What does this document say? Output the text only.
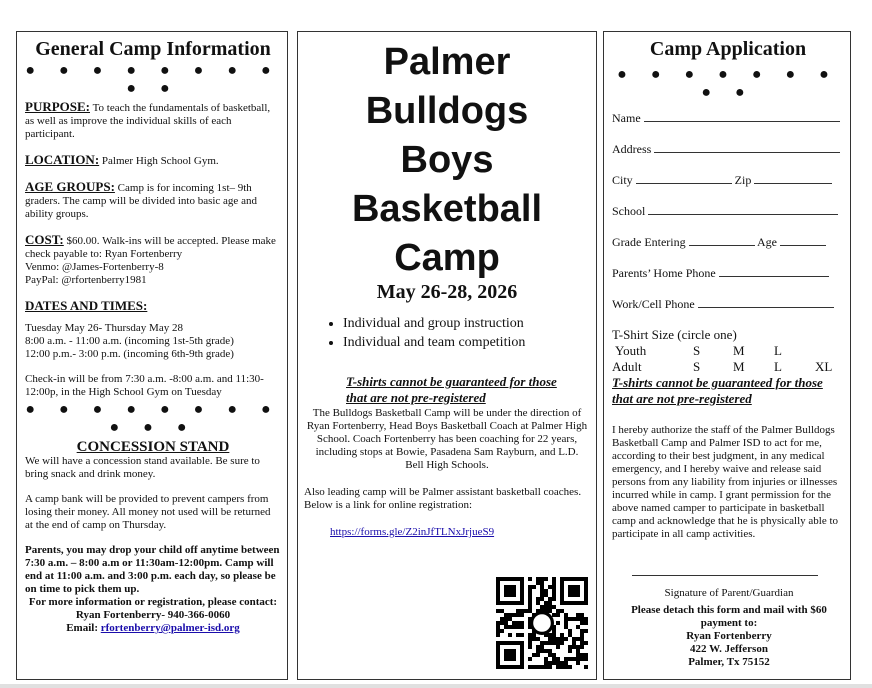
General Camp Information
● ● ● ● ● ● ● ● ● ●
PURPOSE: To teach the fundamentals of basketball, as well as improve the individual skills of each participant.
LOCATION: Palmer High School Gym.
AGE GROUPS: Camp is for incoming 1st– 9th graders. The camp will be divided into basic age and ability groups.
COST: $60.00. Walk-ins will be accepted. Please make check payable to: Ryan Fortenberry
Venmo: @James-Fortenberry-8
PayPal: @rfortenberry1981
DATES AND TIMES:
Tuesday May 26- Thursday May 28
8:00 a.m. - 11:00 a.m. (incoming 1st-5th grade)
12:00 p.m.- 3:00 p.m. (incoming 6th-9th grade)
Check-in will be from 7:30 a.m. -8:00 a.m. and 11:30-12:00p, in the High School Gym on Tuesday
● ● ● ● ● ● ● ● ● ● ●
CONCESSION STAND
We will have a concession stand available. Be sure to bring snack and drink money.
A camp bank will be provided to prevent campers from losing their money. All money not used will be returned at the end of camp on Thursday.
Parents, you may drop your child off anytime between 7:30 a.m. – 8:00 a.m or 11:30am-12:00pm. Camp will end at 11:00 a.m. and 3:00 p.m. each day, so please be on time to pick them up.
For more information or registration, please contact:
Ryan Fortenberry- 940-366-0060
Email: rfortenberry@palmer-isd.org
Palmer
Bulldogs
Boys
Basketball
Camp
May 26-28, 2026
• Individual and group instruction
• Individual and team competition
T-shirts cannot be guaranteed for those that are not pre-registered
The Bulldogs Basketball Camp will be under the direction of Ryan Fortenberry, Head Boys Basketball Coach at Palmer High School. Coach Fortenberry has been coaching for 22 years, including stops at Bowie, Pasadena Sam Rayburn, and L.D. Bell High Schools.
Also leading camp will be Palmer assistant basketball coaches. Below is a link for online registration:
https://forms.gle/Z2inJfTLNxJrjueS9
Camp Application
● ● ● ● ● ● ● ● ●
Name
Address
City	Zip
School
Grade Entering	Age
Parents’ Home Phone
Work/Cell Phone
T-Shirt Size (circle one)
Youth	S	M L
Adult	S	M L	XL
T-shirts cannot be guaranteed for those that are not pre-registered
I hereby authorize the staff of the Palmer Bulldogs Basketball Camp and Palmer ISD to act for me, according to their best judgment, in any medical emergency, and I hereby waive and release said persons from any liability from injuries or illnesses incurred while in camp. I grant permission for the above named camper to participate in basketball camp and acknowledge that he is physically able to participate in all camp activities.
Signature of Parent/Guardian
Please detach this form and mail with $60 payment to:
Ryan Fortenberry
422 W. Jefferson
Palmer, Tx 75152
